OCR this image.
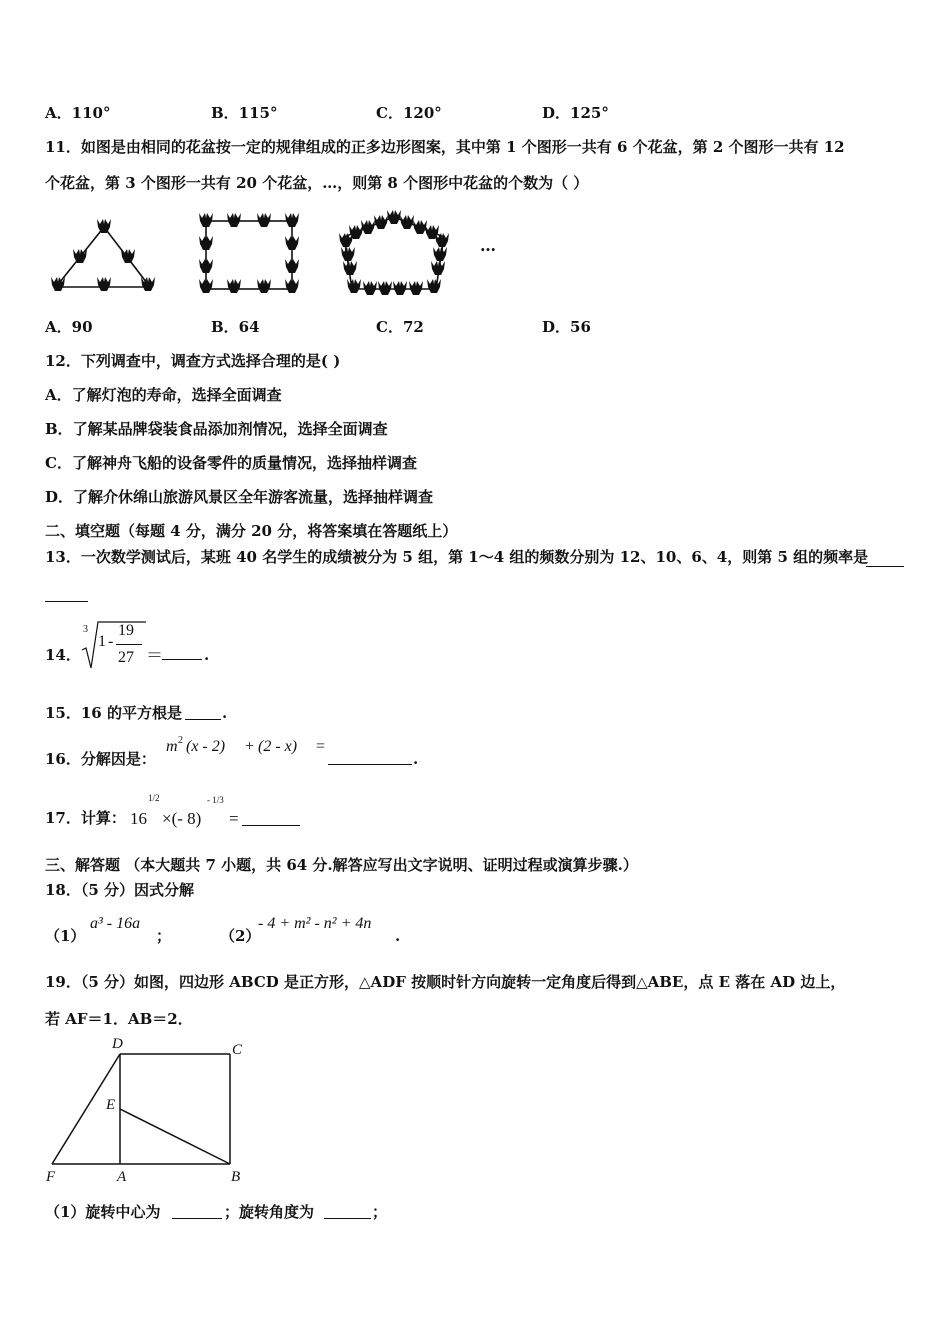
A．110°	B．115°	C．120°	D．125°
11．如图是由相同的花盆按一定的规律组成的正多边形图案，其中第 1 个图形一共有 6 个花盆，第 2 个图形一共有 12
个花盆，第 3 个图形一共有 20 个花盆，…，则第 8 个图形中花盆的个数为（ ）
…
A．90	B．64	C．72	D．56
12．下列调查中，调查方式选择合理的是( )
A．了解灯泡的寿命，选择全面调查
B．了解某品牌袋装食品添加剂情况，选择全面调查
C．了解神舟飞船的设备零件的质量情况，选择抽样调查
D．了解介休绵山旅游风景区全年游客流量，选择抽样调查
二、填空题（每题 4 分，满分 20 分，将答案填在答题纸上）
13．一次数学测试后，某班 40 名学生的成绩被分为 5 组，第 1～4 组的频数分别为 12、10、6、4，则第 5 组的频率是
14．
3
1 -
19
27 ＝	.
15．16 的平方根是	.
16．分解因是：
m 2 (x - 2) + (2 - x) =
.
17．计算： 16
1/2
×(- 8)
- 1/3
=
三、解答题 （本大题共 7 小题，共 64 分.解答应写出文字说明、证明过程或演算步骤.）
18．（5 分）因式分解
（1）
a³ - 16a
；	（2）
- 4 + m² - n² + 4n
.
19．（5 分）如图，四边形 ABCD 是正方形，△ADF 按顺时针方向旋转一定角度后得到△ABE，点 E 落在 AD 边上，
若 AF＝1．AB＝2．
D	C
E
F	A	B
（1）旋转中心为	；旋转角度为	；
